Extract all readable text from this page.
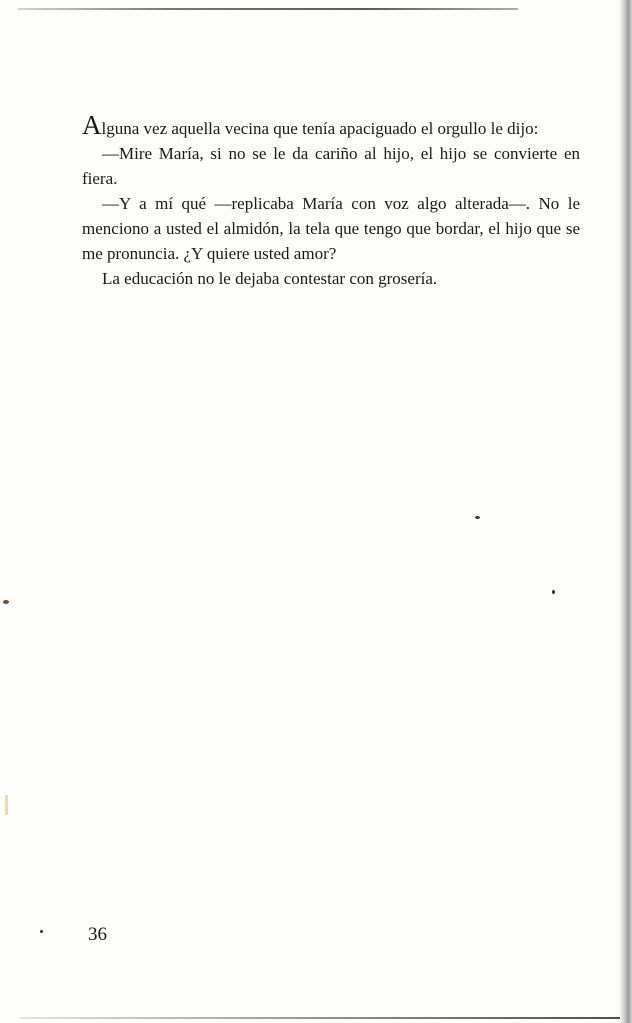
Alguna vez aquella vecina que tenía apaciguado el orgullo le dijo:

—Mire María, si no se le da cariño al hijo, el hijo se convierte en fiera.

—Y a mí qué —replicaba María con voz algo alterada—. No le menciono a usted el almidón, la tela que tengo que bordar, el hijo que se me pronuncia. ¿Y quiere usted amor?

La educación no le dejaba contestar con grosería.

36
